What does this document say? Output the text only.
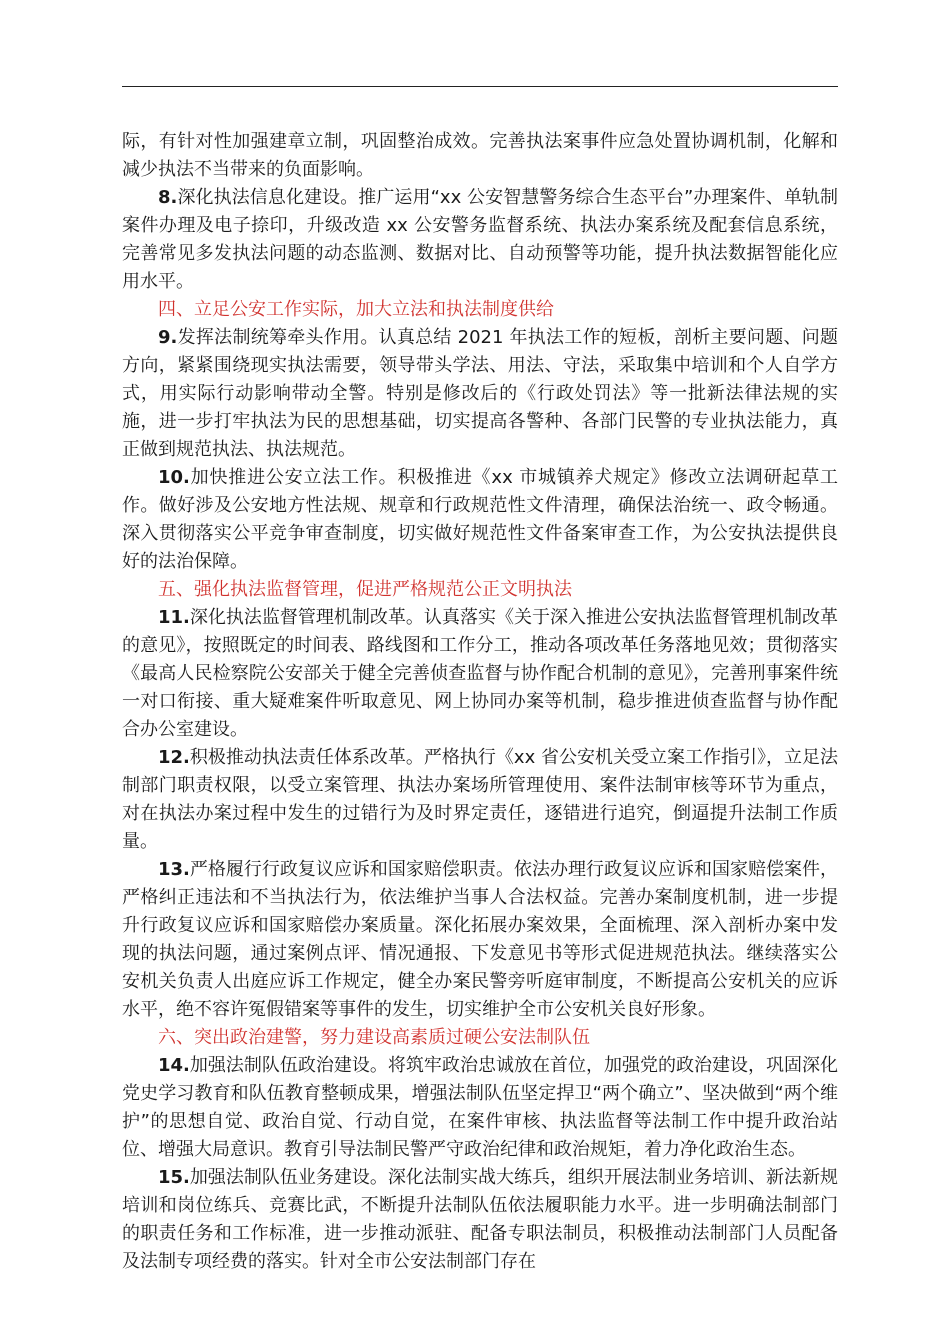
际，有针对性加强建章立制，巩固整治成效。完善执法案事件应急处置协调机制，化解和减少执法不当带来的负面影响。

8.深化执法信息化建设。推广运用“xx 公安智慧警务综合生态平台”办理案件、单轨制案件办理及电子捺印，升级改造 xx 公安警务监督系统、执法办案系统及配套信息系统，完善常见多发执法问题的动态监测、数据对比、自动预警等功能，提升执法数据智能化应用水平。

四、立足公安工作实际，加大立法和执法制度供给

9.发挥法制统筹牵头作用。认真总结 2021 年执法工作的短板，剖析主要问题、问题方向，紧紧围绕现实执法需要，领导带头学法、用法、守法，采取集中培训和个人自学方式，用实际行动影响带动全警。特别是修改后的《行政处罚法》等一批新法律法规的实施，进一步打牢执法为民的思想基础，切实提高各警种、各部门民警的专业执法能力，真正做到规范执法、执法规范。

10.加快推进公安立法工作。积极推进《xx 市城镇养犬规定》修改立法调研起草工作。做好涉及公安地方性法规、规章和行政规范性文件清理，确保法治统一、政令畅通。深入贯彻落实公平竞争审查制度，切实做好规范性文件备案审查工作，为公安执法提供良好的法治保障。

五、强化执法监督管理，促进严格规范公正文明执法

11.深化执法监督管理机制改革。认真落实《关于深入推进公安执法监督管理机制改革的意见》，按照既定的时间表、路线图和工作分工，推动各项改革任务落地见效；贯彻落实《最高人民检察院公安部关于健全完善侦查监督与协作配合机制的意见》，完善刑事案件统一对口衔接、重大疑难案件听取意见、网上协同办案等机制，稳步推进侦查监督与协作配合办公室建设。

12.积极推动执法责任体系改革。严格执行《xx 省公安机关受立案工作指引》，立足法制部门职责权限，以受立案管理、执法办案场所管理使用、案件法制审核等环节为重点，对在执法办案过程中发生的过错行为及时界定责任，逐错进行追究，倒逼提升法制工作质量。

13.严格履行行政复议应诉和国家赔偿职责。依法办理行政复议应诉和国家赔偿案件，严格纠正违法和不当执法行为，依法维护当事人合法权益。完善办案制度机制，进一步提升行政复议应诉和国家赔偿办案质量。深化拓展办案效果，全面梳理、深入剖析办案中发现的执法问题，通过案例点评、情况通报、下发意见书等形式促进规范执法。继续落实公安机关负责人出庭应诉工作规定，健全办案民警旁听庭审制度，不断提高公安机关的应诉水平，绝不容许冤假错案等事件的发生，切实维护全市公安机关良好形象。

六、突出政治建警，努力建设高素质过硬公安法制队伍

14.加强法制队伍政治建设。将筑牢政治忠诚放在首位，加强党的政治建设，巩固深化党史学习教育和队伍教育整顿成果，增强法制队伍坚定捍卫“两个确立”、坚决做到“两个维护”的思想自觉、政治自觉、行动自觉，在案件审核、执法监督等法制工作中提升政治站位、增强大局意识。教育引导法制民警严守政治纪律和政治规矩，着力净化政治生态。

15.加强法制队伍业务建设。深化法制实战大练兵，组织开展法制业务培训、新法新规培训和岗位练兵、竞赛比武，不断提升法制队伍依法履职能力水平。进一步明确法制部门的职责任务和工作标准，进一步推动派驻、配备专职法制员，积极推动法制部门人员配备及法制专项经费的落实。针对全市公安法制部门存在
